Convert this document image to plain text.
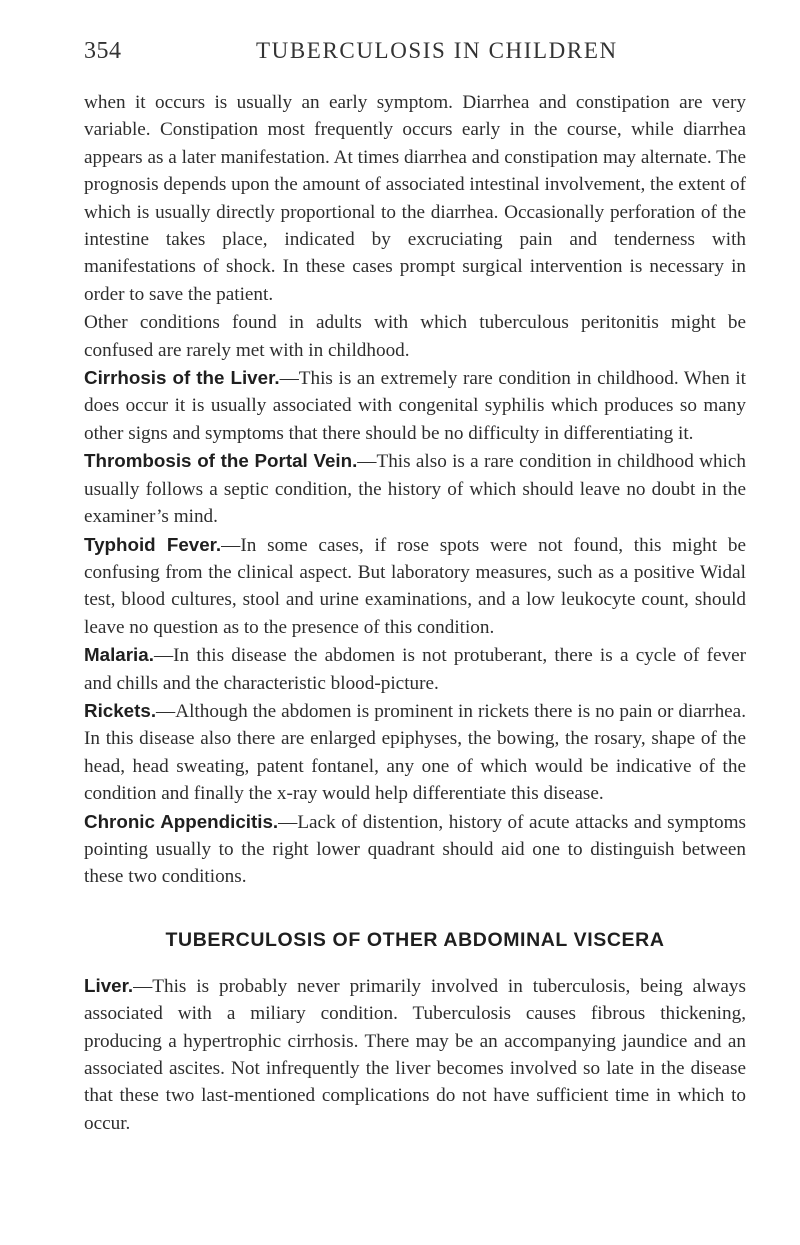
354	TUBERCULOSIS IN CHILDREN

when it occurs is usually an early symptom. Diarrhea and constipation are very variable. Constipation most frequently occurs early in the course, while diarrhea appears as a later manifestation. At times diarrhea and constipation may alternate. The prognosis depends upon the amount of associated intestinal involvement, the extent of which is usually directly proportional to the diarrhea. Occasionally perforation of the intestine takes place, indicated by excruciating pain and tenderness with manifestations of shock. In these cases prompt surgical intervention is necessary in order to save the patient.

Other conditions found in adults with which tuberculous peritonitis might be confused are rarely met with in childhood.

Cirrhosis of the Liver.—This is an extremely rare condition in childhood. When it does occur it is usually associated with congenital syphilis which produces so many other signs and symptoms that there should be no difficulty in differentiating it.

Thrombosis of the Portal Vein.—This also is a rare condition in childhood which usually follows a septic condition, the history of which should leave no doubt in the examiner’s mind.

Typhoid Fever.—In some cases, if rose spots were not found, this might be confusing from the clinical aspect. But laboratory measures, such as a positive Widal test, blood cultures, stool and urine examinations, and a low leukocyte count, should leave no question as to the presence of this condition.

Malaria.—In this disease the abdomen is not protuberant, there is a cycle of fever and chills and the characteristic blood-picture.

Rickets.—Although the abdomen is prominent in rickets there is no pain or diarrhea. In this disease also there are enlarged epiphyses, the bowing, the rosary, shape of the head, head sweating, patent fontanel, any one of which would be indicative of the condition and finally the x-ray would help differentiate this disease.

Chronic Appendicitis.—Lack of distention, history of acute attacks and symptoms pointing usually to the right lower quadrant should aid one to distinguish between these two conditions.

TUBERCULOSIS OF OTHER ABDOMINAL VISCERA

Liver.—This is probably never primarily involved in tuberculosis, being always associated with a miliary condition. Tuberculosis causes fibrous thickening, producing a hypertrophic cirrhosis. There may be an accompanying jaundice and an associated ascites. Not infrequently the liver becomes involved so late in the disease that these two last-mentioned complications do not have sufficient time in which to occur.
